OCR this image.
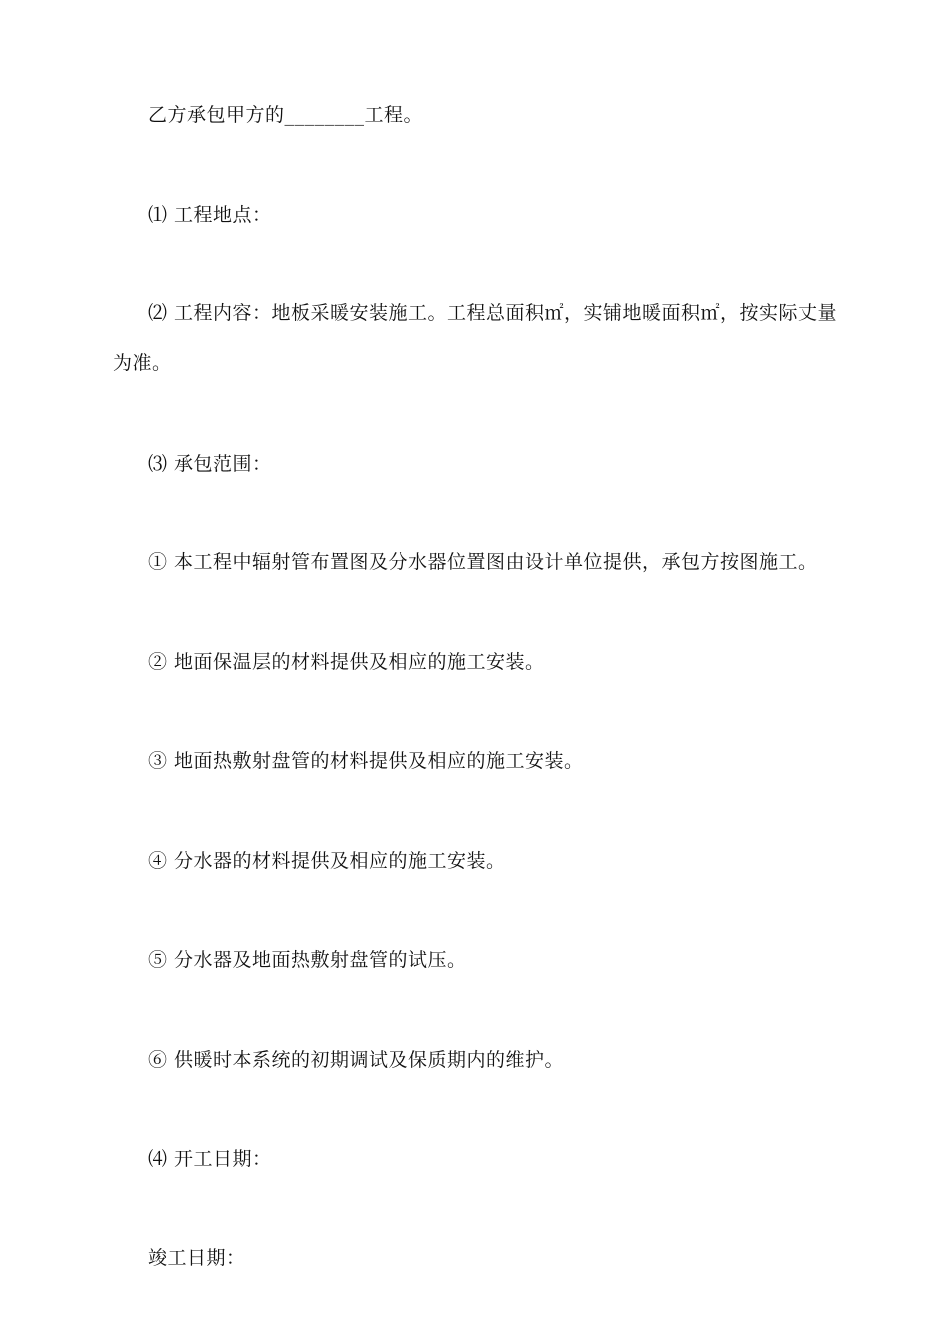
乙方承包甲方的________工程。
⑴ 工程地点：
⑵ 工程内容：地板采暖安装施工。工程总面积㎡，实铺地暖面积㎡，按实际丈量
为准。
⑶ 承包范围：
① 本工程中辐射管布置图及分水器位置图由设计单位提供，承包方按图施工。
② 地面保温层的材料提供及相应的施工安装。
③ 地面热敷射盘管的材料提供及相应的施工安装。
④ 分水器的材料提供及相应的施工安装。
⑤ 分水器及地面热敷射盘管的试压。
⑥ 供暖时本系统的初期调试及保质期内的维护。
⑷ 开工日期：
竣工日期：
